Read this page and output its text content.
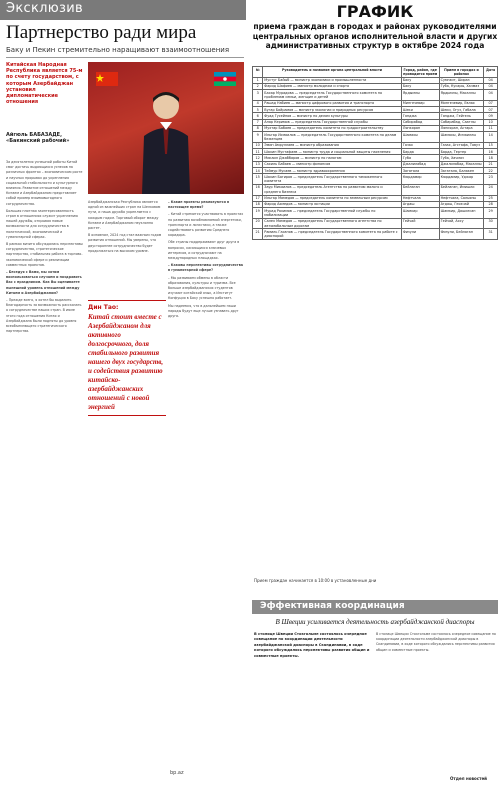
Эксклюзив
Партнерство ради мира
Баку и Пекин стремительно наращивают взаимоотношения
Китайская Народная Республика является 75-м по счету государством, с которым Азербайджан установил дипломатические отношения
Айгюль БАБАЗАДЕ,
«Бакинский рабочий»

За десятилетия успешной работы Китай смог достичь выдающихся успехов на различных фронтах – экономическом росте и научных прорывах до укрепления социальной стабильности и культурного влияния. Развитие отношений между Китаем и Азербайджаном представляет собой пример взаимовыгодного сотрудничества.

Большая плотная заинтересованность стран в отношениях служит укреплению нашей дружбы, открывая новые возможности для сотрудничества в политической, экономической и гуманитарной сферах.

В рамках визита обсуждались перспективы сотрудничества, стратегическое партнерство, стабильная работа в торгово-экономической сфере и реализации совместных проектов.

– Беседуя с Вами, мы хотим воспользоваться случаем и поздравить Вас с праздником. Как Вы оцениваете нынешний уровень отношений между Китаем и Азербайджаном?

– Прежде всего, я хотел бы выразить благодарность за возможность рассказать о сотрудничестве наших стран. В июле этого года отношения Китая и Азербайджана были подняты до уровня всеобъемлющего стратегического партнерства.

Азербайджанская Республика является одной из важнейших стран на Шелковом пути, и наша дружба укрепляется с каждым годом. Торговый оборот между Китаем и Азербайджаном неуклонно растет.

В основном, 2024 год стал важным годом развития отношений. Мы уверены, что двустороннее сотрудничество будет продолжаться на высоком уровне.

– Какие проекты реализуются в настоящее время?

– Китай стремится участвовать в проектах по развитию возобновляемой энергетики, транспорта и логистики, а также содействовать развитию Среднего коридора.

Обе страны поддерживают друг друга в вопросах, касающихся ключевых интересов, и сотрудничают на международных площадках.

– Каковы перспективы сотрудничества в гуманитарной сфере?

– Мы развиваем обмены в области образования, культуры и туризма. Все больше азербайджанских студентов изучают китайский язык, а Институт Конфуция в Баку успешно работает.

Мы надеемся, что в дальнейшем наши народы будут еще лучше узнавать друг друга.

Дин Тао:
Китай стоит вместе с Азербайджаном для активного долгосрочного, доля стабильного развития нашего двух государств, и содействия развитию китайско-азербайджанских отношений с новой энергией
bp.az
ГРАФИК
приема граждан в городах и районах руководителями центральных органов исполнительной власти и других административных структур в октябре 2024 года
№	Руководитель и название органа центральной власти	Город, район, где проводится прием	Прием в городах и районах	Дата
1	Мустуг Байыб — министр экономики и промышленности	Баку	Сумгаит, Шираз	04
2	Фарид Шафиев — министр молодежи и спорта	Баку	Губа, Кусары, Хачмаз	04
3	Бахар Мурадова — председатель Государственного комитета по проблемам семьи, женщин и детей	Ярдымлы	Ярдымлы, Масаллы	04
4	Рашад Набиев — министр цифрового развития и транспорта	Мингечевир	Мингечевир, Евлах	07
5	Вугар Байрамов — министр экологии и природных ресурсов	Шеки	Шеки, Огуз, Габала	07
6	Фуад Гусейнов — министр по делам культуры	Гянджа	Гянджа, Гейгель	09
7	Анар Керимов — председатель Государственной службы	Сабирабад	Сабирабад, Саатлы	10
8	Мухтар Бабаев — председатель комитета по градостроительству	Лянкяран	Лянкяран, Астара	11
9	Ильгар Исмаилов — председатель Государственного комитета по делам беженцев	Шамахы	Шамахы, Исмаиллы	14
10	Эмин Амруллаев — министр образования	Газах	Газах, Агстафа, Товуз	15
11	Шахин Мустафаев — министр труда и социальной защиты населения	Барда	Барда, Тертер	16
12	Микаил Джаббаров — министр по налогам	Губа	Губа, Хачмаз	18
13	Сахиль Бабаев — министр финансов	Джалилабад	Джалилабад, Масаллы	21
14	Теймур Мусаев — министр здравоохранения	Загатала	Загатала, Балакен	22
15	Шахин Багиров — председатель Государственного таможенного комитета	Кюрдамир	Кюрдамир, Уджар	23
16	Заур Микаилов — председатель Агентства по развитию малого и среднего бизнеса	Бейлаган	Бейлаган, Имишли	24
17	Ильгар Мамедов — председатель комитета по земельным ресурсам	Нефтчала	Нефтчала, Сальяны	25
18	Фарид Ахмедов — министр юстиции	Агдаш	Агдаш, Геокчай	28
19	Мурад Рахимов — председатель Государственной службы по мобилизации	Шамкир	Шамкир, Дашкесан	29
20	Салех Мамедов — председатель Государственного агентства по автомобильным дорогам	Гейчай	Гейчай, Ахсу	30
21	Рамиль Гасанов — председатель Государственного комитета по работе с диаспорой	Физули	Физули, Бейлаган	31
Прием граждан начинается в 10:00 в установленные дни
Эффективная координация
В Швеции усиливается деятельность азербайджанской диаспоры
В столице Швеции Стокгольме состоялось очередное совещание по координации деятельности азербайджанской диаспоры в Скандинавии, в ходе которого обсуждались перспективы развития общин и совместные проекты.

В столице Швеции Стокгольме состоялось очередное совещание по координации деятельности азербайджанской диаспоры в Скандинавии, в ходе которого обсуждались перспективы развития общин и совместные проекты.

Отдел новостей
